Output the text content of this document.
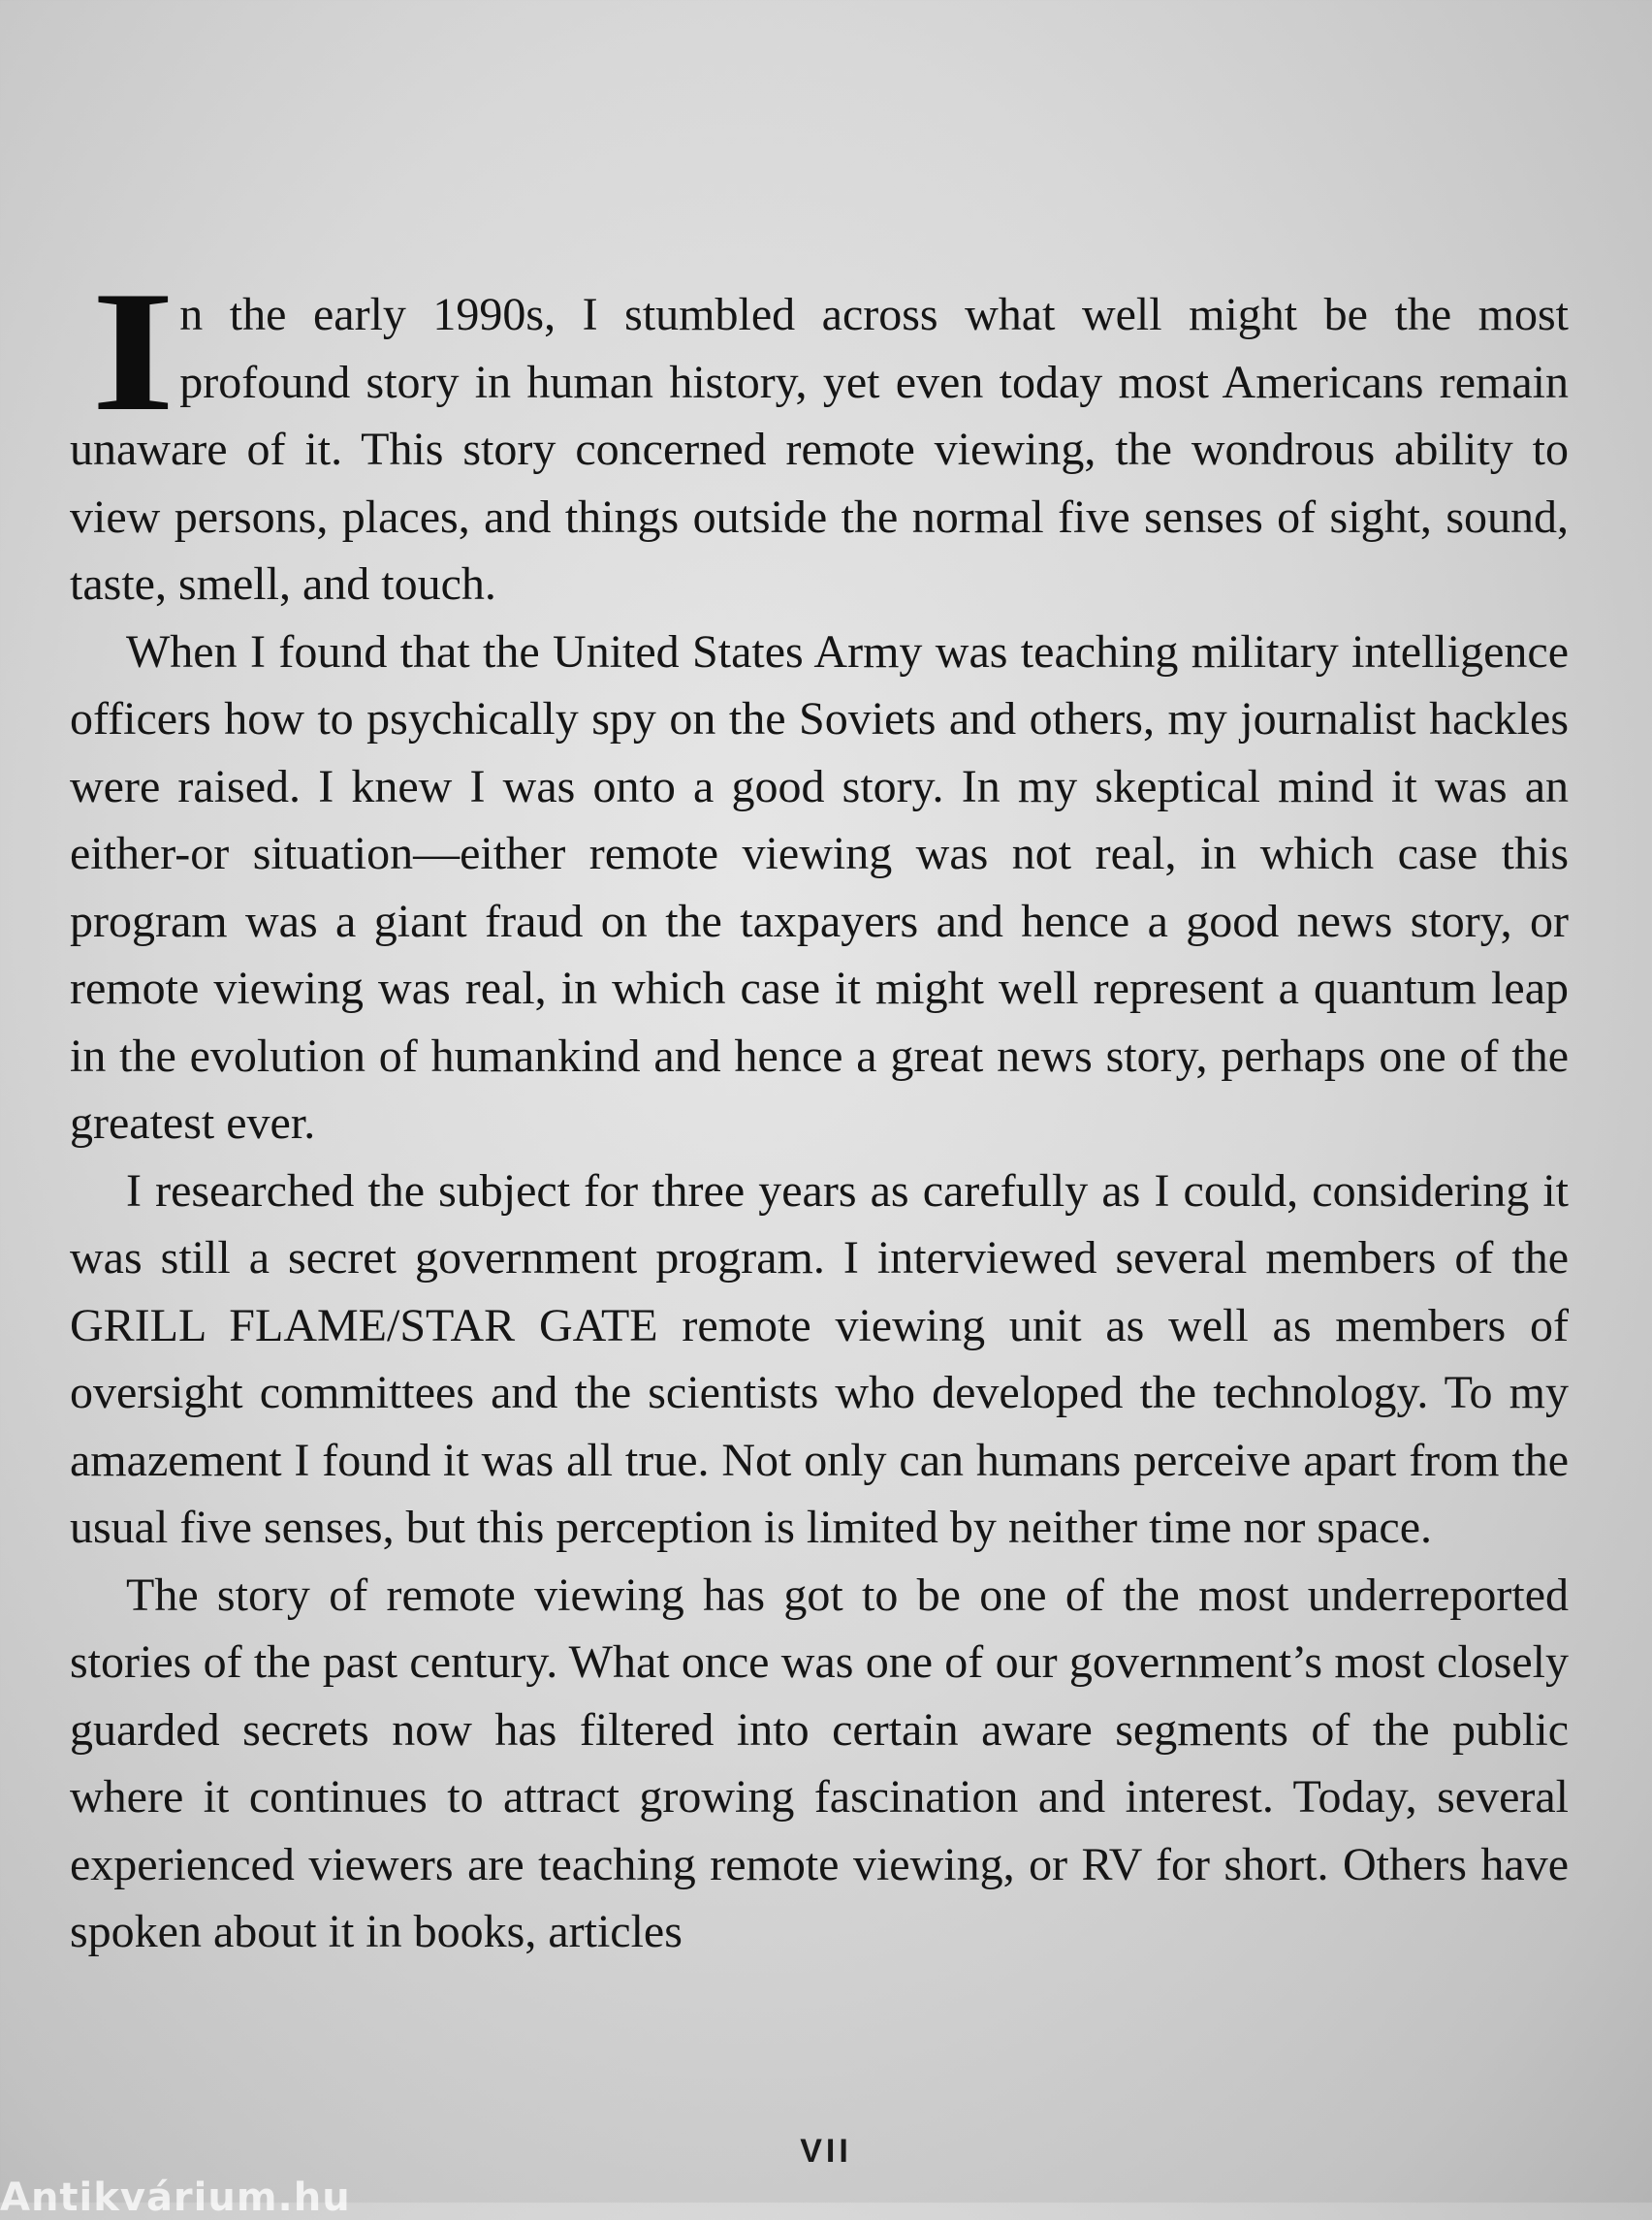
In the early 1990s, I stumbled across what well might be the most profound story in human history, yet even today most Americans remain unaware of it. This story concerned remote viewing, the wondrous ability to view persons, places, and things outside the normal five senses of sight, sound, taste, smell, and touch.

When I found that the United States Army was teaching military intelligence officers how to psychically spy on the Soviets and others, my journalist hackles were raised. I knew I was onto a good story. In my skeptical mind it was an either-or situation—either remote viewing was not real, in which case this program was a giant fraud on the taxpayers and hence a good news story, or remote viewing was real, in which case it might well represent a quantum leap in the evolution of humankind and hence a great news story, perhaps one of the greatest ever.

I researched the subject for three years as carefully as I could, considering it was still a secret government program. I interviewed several members of the GRILL FLAME/STAR GATE remote viewing unit as well as members of oversight committees and the scientists who developed the technology. To my amazement I found it was all true. Not only can humans perceive apart from the usual five senses, but this perception is limited by neither time nor space.

The story of remote viewing has got to be one of the most underreported stories of the past century. What once was one of our government’s most closely guarded secrets now has filtered into certain aware segments of the public where it continues to attract growing fascination and interest. Today, several experienced viewers are teaching remote viewing, or RV for short. Others have spoken about it in books, articles

VII
Antikvárium.hu
